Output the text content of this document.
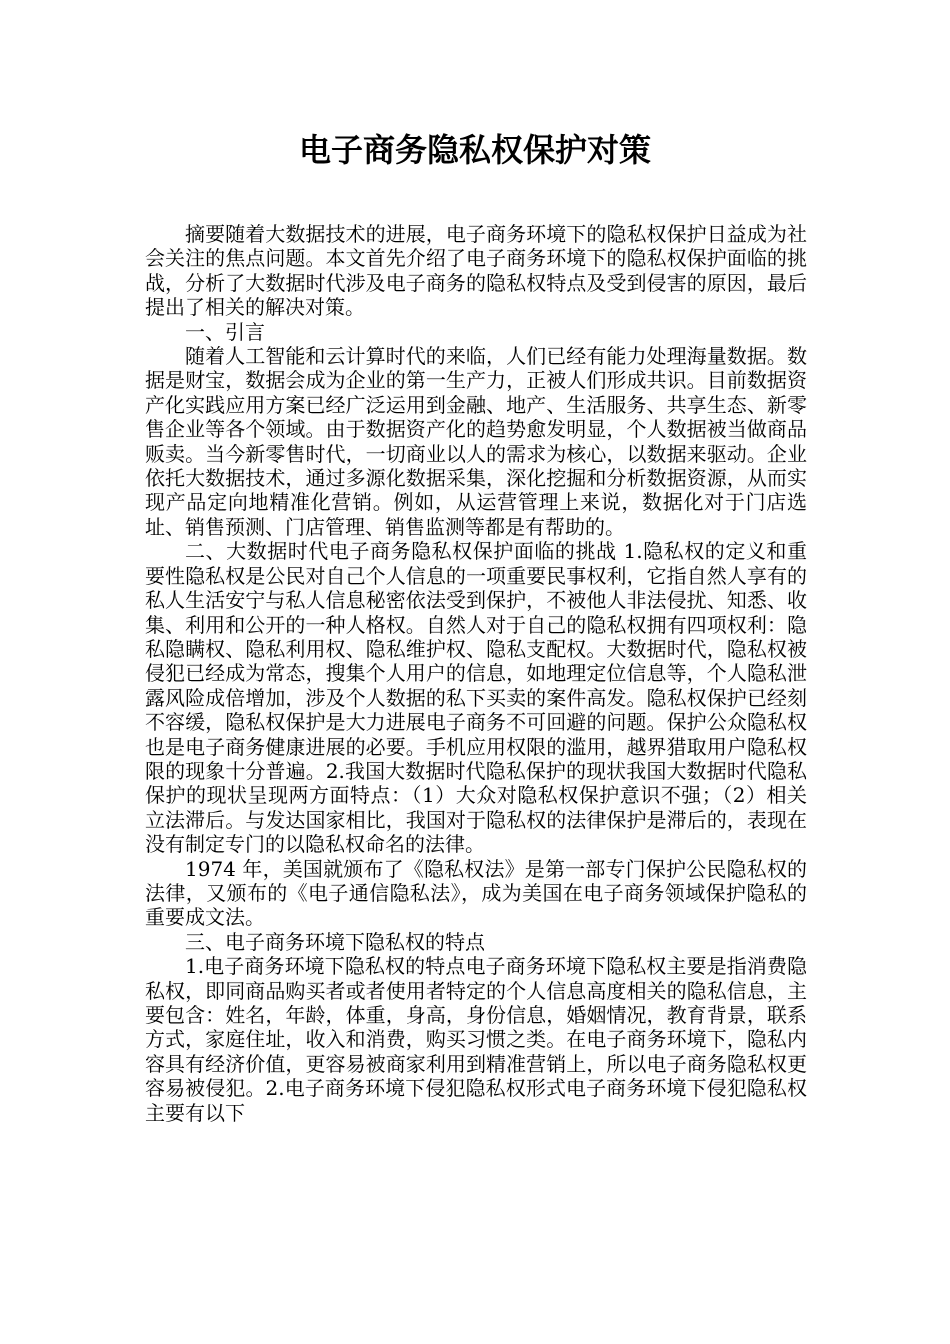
电子商务隐私权保护对策

摘要随着大数据技术的进展，电子商务环境下的隐私权保护日益成为社会关注的焦点问题。本文首先介绍了电子商务环境下的隐私权保护面临的挑战，分析了大数据时代涉及电子商务的隐私权特点及受到侵害的原因，最后提出了相关的解决对策。

一、引言

随着人工智能和云计算时代的来临，人们已经有能力处理海量数据。数据是财宝，数据会成为企业的第一生产力，正被人们形成共识。目前数据资产化实践应用方案已经广泛运用到金融、地产、生活服务、共享生态、新零售企业等各个领域。由于数据资产化的趋势愈发明显，个人数据被当做商品贩卖。当今新零售时代，一切商业以人的需求为核心，以数据来驱动。企业依托大数据技术，通过多源化数据采集，深化挖掘和分析数据资源，从而实现产品定向地精准化营销。例如，从运营管理上来说，数据化对于门店选址、销售预测、门店管理、销售监测等都是有帮助的。

二、大数据时代电子商务隐私权保护面临的挑战 1.隐私权的定义和重要性隐私权是公民对自己个人信息的一项重要民事权利，它指自然人享有的私人生活安宁与私人信息秘密依法受到保护，不被他人非法侵扰、知悉、收集、利用和公开的一种人格权。自然人对于自己的隐私权拥有四项权利：隐私隐瞒权、隐私利用权、隐私维护权、隐私支配权。大数据时代，隐私权被侵犯已经成为常态，搜集个人用户的信息，如地理定位信息等，个人隐私泄露风险成倍增加，涉及个人数据的私下买卖的案件高发。隐私权保护已经刻不容缓，隐私权保护是大力进展电子商务不可回避的问题。保护公众隐私权也是电子商务健康进展的必要。手机应用权限的滥用，越界猎取用户隐私权限的现象十分普遍。2.我国大数据时代隐私保护的现状我国大数据时代隐私保护的现状呈现两方面特点：（1）大众对隐私权保护意识不强；（2）相关立法滞后。与发达国家相比，我国对于隐私权的法律保护是滞后的，表现在没有制定专门的以隐私权命名的法律。

1974 年，美国就颁布了《隐私权法》是第一部专门保护公民隐私权的法律，又颁布的《电子通信隐私法》，成为美国在电子商务领域保护隐私的重要成文法。

三、电子商务环境下隐私权的特点

1.电子商务环境下隐私权的特点电子商务环境下隐私权主要是指消费隐私权，即同商品购买者或者使用者特定的个人信息高度相关的隐私信息，主要包含：姓名，年龄，体重，身高，身份信息，婚姻情况，教育背景，联系方式，家庭住址，收入和消费，购买习惯之类。在电子商务环境下，隐私内容具有经济价值，更容易被商家利用到精准营销上，所以电子商务隐私权更容易被侵犯。2.电子商务环境下侵犯隐私权形式电子商务环境下侵犯隐私权主要有以下
